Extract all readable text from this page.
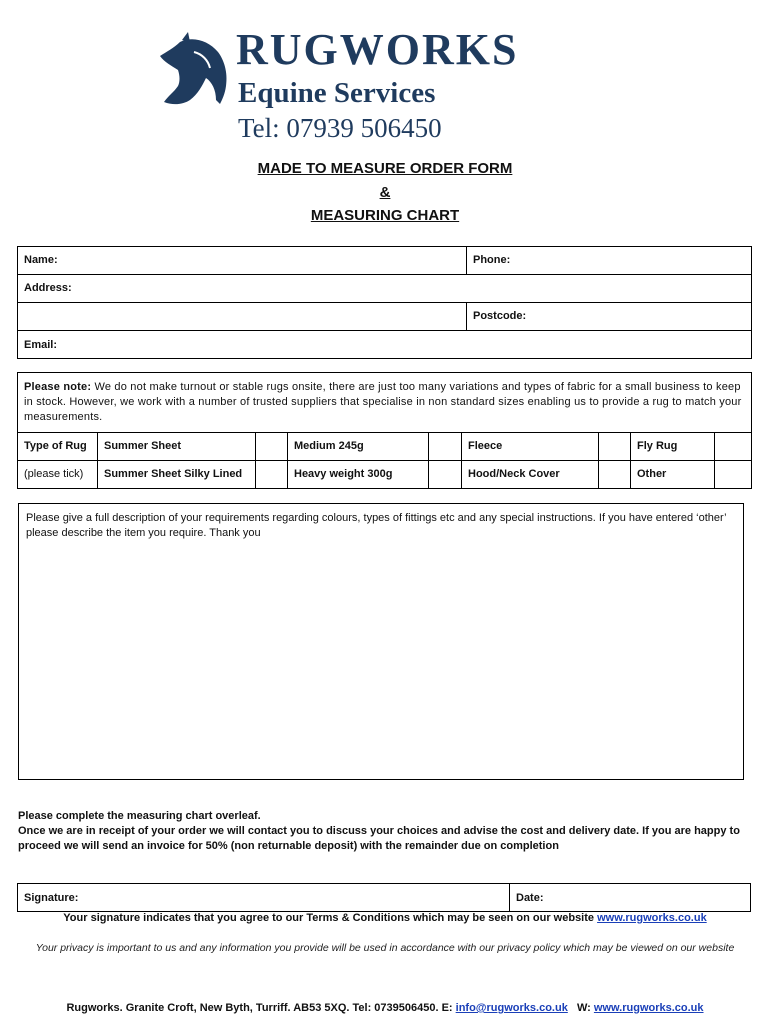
RUGWORKS
Equine Services
Tel: 07939 506450
MADE TO MEASURE ORDER FORM
&
MEASURING CHART
Name:	Phone:
Address:
Postcode:
Email:
Please note: We do not make turnout or stable rugs onsite, there are just too many variations and types of fabric for a small business to keep in stock. However, we work with a number of trusted suppliers that specialise in non standard sizes enabling us to provide a rug to match your measurements.
Type of Rug	Summer Sheet	Medium 245g	Fleece	Fly Rug
(please tick)	Summer Sheet Silky Lined	Heavy weight 300g	Hood/Neck Cover	Other
Please give a full description of your requirements regarding colours, types of fittings etc and any special instructions. If you have entered ‘other’ please describe the item you require. Thank you
Please complete the measuring chart overleaf.
Once we are in receipt of your order we will contact you to discuss your choices and advise the cost and delivery date. If you are happy to proceed we will send an invoice for 50% (non returnable deposit) with the remainder due on completion
Signature:	Date:
Your signature indicates that you agree to our Terms & Conditions which may be seen on our website www.rugworks.co.uk
Your privacy is important to us and any information you provide will be used in accordance with our privacy policy which may be viewed on our website
Rugworks. Granite Croft, New Byth, Turriff. AB53 5XQ. Tel: 0739506450. E: info@rugworks.co.uk   W: www.rugworks.co.uk
